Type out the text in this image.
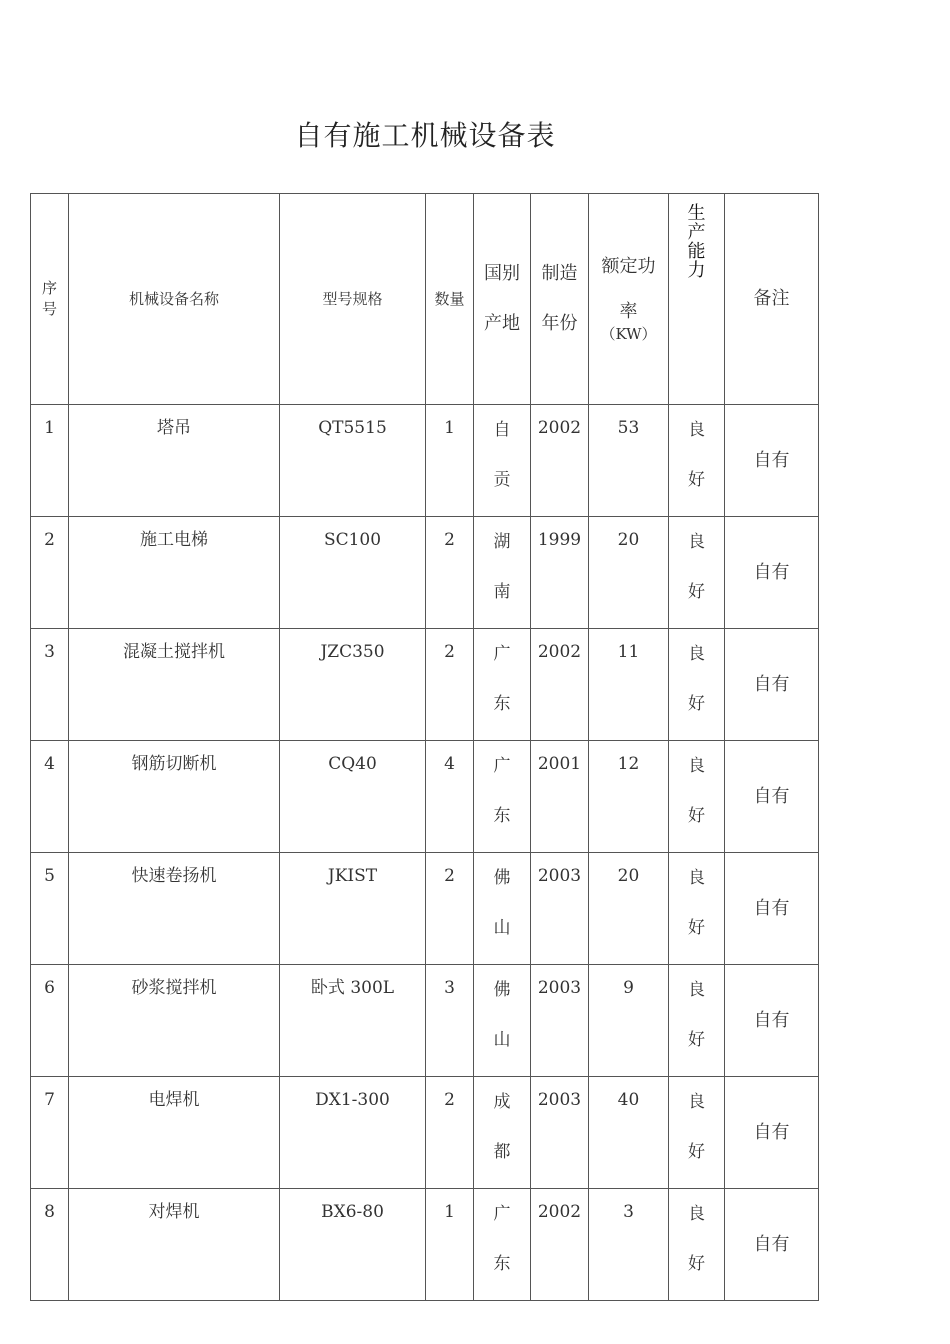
自有施工机械设备表
序号	机械设备名称	型号规格	数量	国别产地	制造年份	额定功
率
（KW）	生产能力	备注
1	塔吊	QT5515	1	自贡	2002	53	良好	自有
2	施工电梯	SC100	2	湖南	1999	20	良好	自有
3	混凝土搅拌机	JZC350	2	广东	2002	11	良好	自有
4	钢筋切断机	CQ40	4	广东	2001	12	良好	自有
5	快速卷扬机	JKIST	2	佛山	2003	20	良好	自有
6	砂浆搅拌机	卧式 300L	3	佛山	2003	9	良好	自有
7	电焊机	DX1-300	2	成都	2003	40	良好	自有
8	对焊机	BX6-80	1	广东	2002	3	良好	自有
